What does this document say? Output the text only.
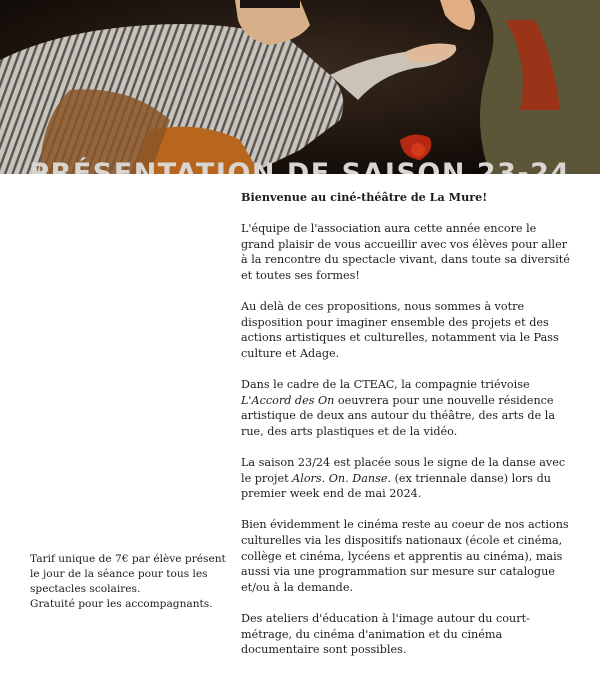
Tarif unique de 7€ par élève présent le jour de la séance pour tous les spectacles scolaires.

Gratuité pour les accompagnants.

Bienvenue au ciné-théâtre de La Mure!

L'équipe de l'association aura cette année encore le grand plaisir de vous accueillir avec vos élèves pour aller à la rencontre du spectacle vivant, dans toute sa diversité et toutes ses formes!

Au delà de ces propositions, nous sommes à votre disposition pour imaginer ensemble des projets et des actions artistiques et culturelles, notamment via le Pass culture et Adage.

Dans le cadre de la CTEAC, la compagnie triévoise L'Accord des On oeuvrera pour une nouvelle résidence artistique de deux ans autour du théâtre, des arts de la rue, des arts plastiques et de la vidéo.

La saison 23/24 est placée sous le signe de la danse avec le projet Alors. On. Danse. (ex triennale danse) lors du premier week end de mai 2024.

Bien évidemment le cinéma reste au coeur de nos actions culturelles via les dispositifs nationaux (école et cinéma, collège et cinéma, lycéens et apprentis au cinéma), mais aussi via une programmation sur mesure sur catalogue et/ou à la demande.

Des ateliers d'éducation à l'image autour du court-métrage, du cinéma d'animation et du cinéma documentaire sont possibles.
